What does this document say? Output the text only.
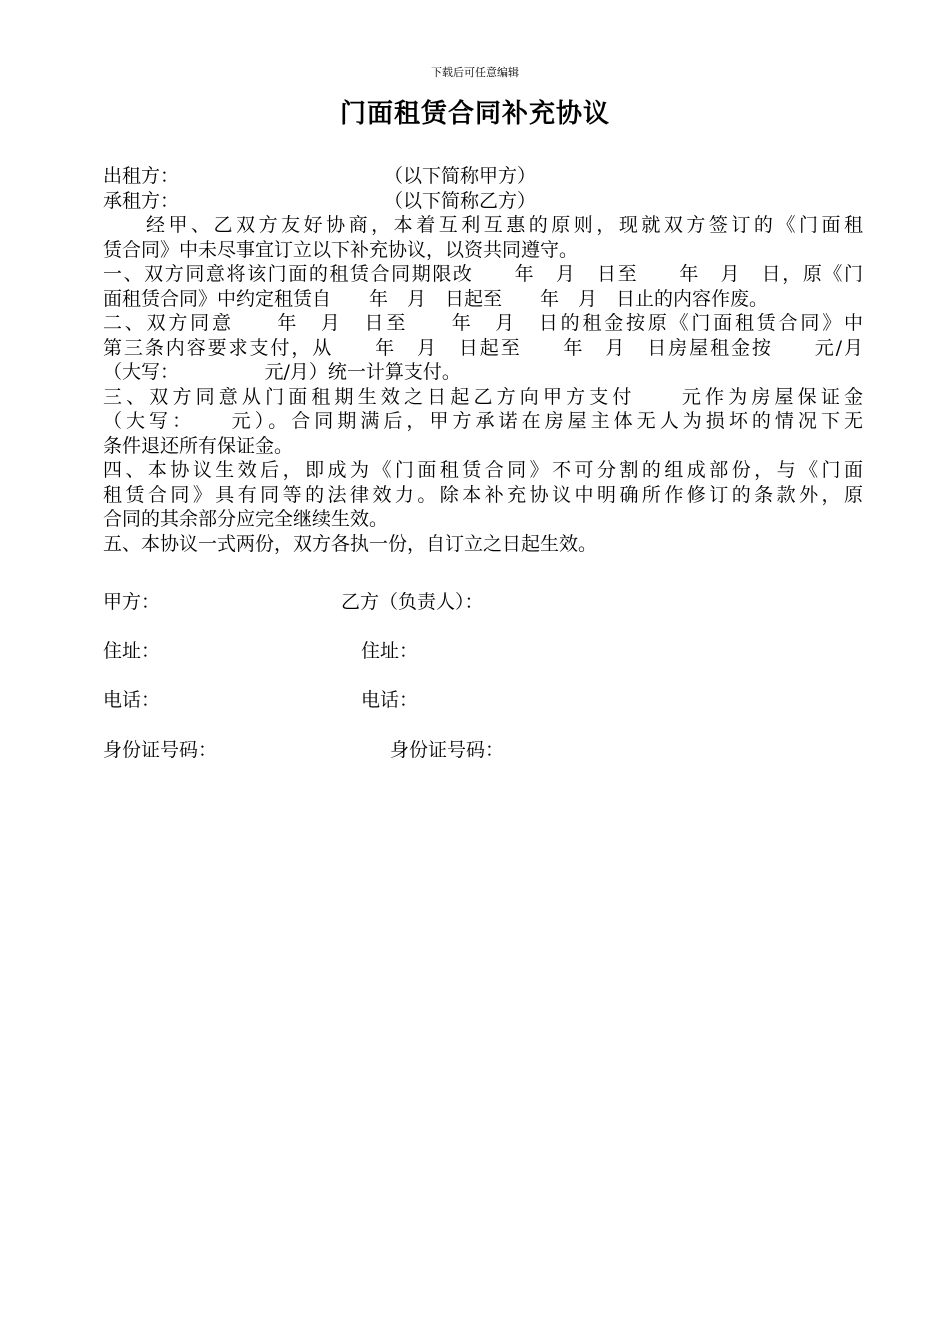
下载后可任意编辑
门面租赁合同补充协议
出租方：	（以下简称甲方）
承租方：	（以下简称乙方）
经甲、乙双方友好协商，本着互利互惠的原则，现就双方签订的《门面租
赁合同》中未尽事宜订立以下补充协议，以资共同遵守。
一、双方同意将该门面的租赁合同期限改　　年　月　日至　　年　月　日，原《门
面租赁合同》中约定租赁自　　年　月　日起至　　年　月　日止的内容作废。
二、双方同意　　年　月　日至　　年　月　日的租金按原《门面租赁合同》中
第三条内容要求支付，从　　年　月　日起至　　年　月　日房屋租金按　　元/月
（大写：　　　　　元/月）统一计算支付。
三、双方同意从门面租期生效之日起乙方向甲方支付　　元作为房屋保证金
（大写：　　元）。合同期满后，甲方承诺在房屋主体无人为损坏的情况下无
条件退还所有保证金。
四、本协议生效后，即成为《门面租赁合同》不可分割的组成部份，与《门面
租赁合同》具有同等的法律效力。除本补充协议中明确所作修订的条款外，原
合同的其余部分应完全继续生效。
五、本协议一式两份，双方各执一份，自订立之日起生效。
甲方：	乙方（负责人）：
住址：	住址：
电话：	电话：
身份证号码：	身份证号码：
